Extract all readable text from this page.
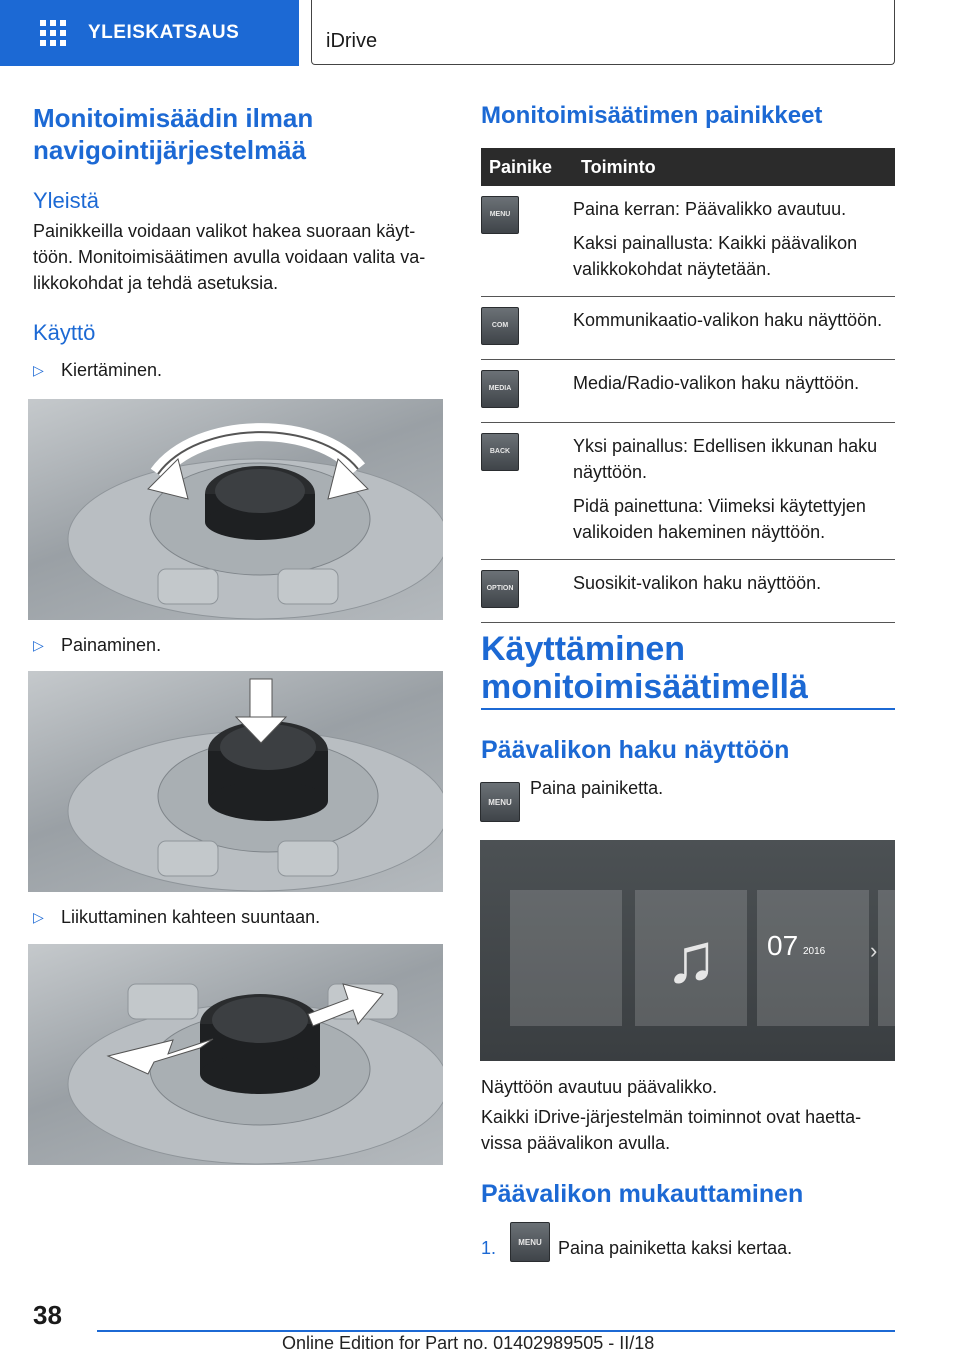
YLEISKATSAUS	iDrive
Monitoimisäädin ilman navigointijärjestelmää
Yleistä

Painikkeilla voidaan valikot hakea suoraan käyttöön. Monitoimisäätimen avulla voidaan valita valikkokohdat ja tehdä asetuksia.

Käyttö
▷ Kiertäminen.
▷ Painaminen.
▷ Liikuttaminen kahteen suuntaan.
Monitoimisäätimen painikkeet
Painike	Toiminto

MENU	Paina kerran: Päävalikko avautuu.

Kaksi painallusta: Kaikki päävalikon valikkokohdat näytetään.

COM	Kommunikaatio-valikon haku näyttöön.

MEDIA	Media/Radio-valikon haku näyttöön.

BACK	Yksi painallus: Edellisen ikkunan haku näyttöön.

Pidä painettuna: Viimeksi käytettyjen valikoiden hakeminen näyttöön.

OPTION	Suosikit-valikon haku näyttöön.

Käyttäminen monitoimisäätimellä
Päävalikon haku näyttöön
MENU
Paina painiketta.
♫ 07 2016 ›

Näyttöön avautuu päävalikko.

Kaikki iDrive-järjestelmän toiminnot ovat haettavissa päävalikon avulla.

Päävalikon mukauttaminen
1.	MENU Paina painiketta kaksi kertaa.
38
Online Edition for Part no. 01402989505 - II/18
